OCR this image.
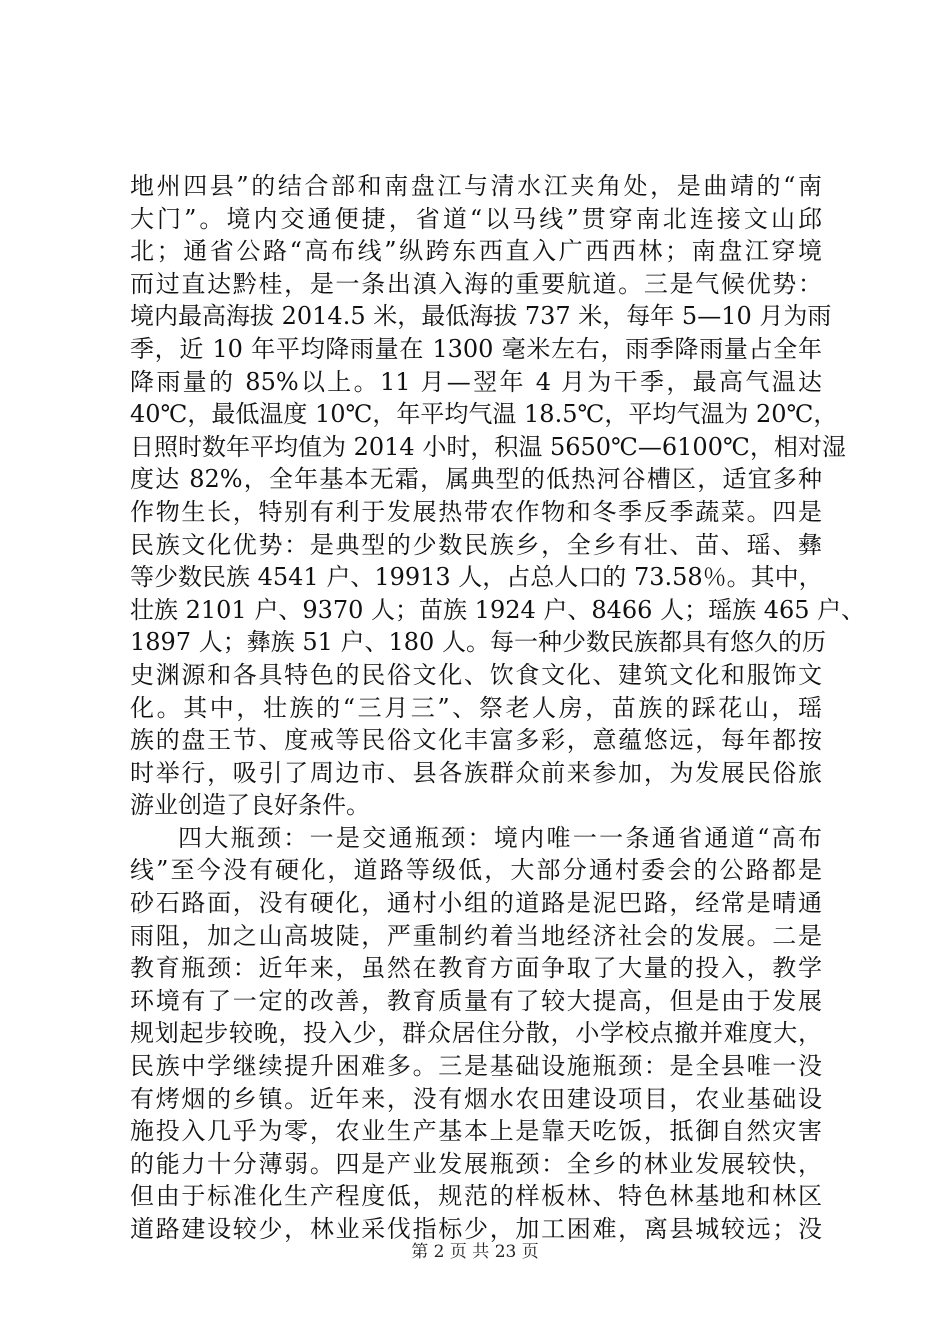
地州四县”的结合部和南盘江与清水江夹角处，是曲靖的“南
大门”。境内交通便捷，省道“以马线”贯穿南北连接文山邱
北；通省公路“高布线”纵跨东西直入广西西林；南盘江穿境
而过直达黔桂，是一条出滇入海的重要航道。三是气候优势：
境内最高海拔 2014.5 米，最低海拔 737 米，每年 5—10 月为雨
季，近 10 年平均降雨量在 1300 毫米左右，雨季降雨量占全年
降雨量的 85%以上。11 月—翌年 4 月为干季，最高气温达
40℃，最低温度 10℃，年平均气温 18.5℃，平均气温为 20℃，
日照时数年平均值为 2014 小时，积温 5650℃—6100℃，相对湿
度达 82%，全年基本无霜，属典型的低热河谷槽区，适宜多种
作物生长，特别有利于发展热带农作物和冬季反季蔬菜。四是
民族文化优势：是典型的少数民族乡，全乡有壮、苗、瑶、彝
等少数民族 4541 户、19913 人，占总人口的 73.58％。其中，
壮族 2101 户、9370 人；苗族 1924 户、8466 人；瑶族 465 户、
1897 人；彝族 51 户、180 人。每一种少数民族都具有悠久的历
史渊源和各具特色的民俗文化、饮食文化、建筑文化和服饰文
化。其中，壮族的“三月三”、祭老人房，苗族的踩花山，瑶
族的盘王节、度戒等民俗文化丰富多彩，意蕴悠远，每年都按
时举行，吸引了周边市、县各族群众前来参加，为发展民俗旅
游业创造了良好条件。
四大瓶颈：一是交通瓶颈：境内唯一一条通省通道“高布
线”至今没有硬化，道路等级低，大部分通村委会的公路都是
砂石路面，没有硬化，通村小组的道路是泥巴路，经常是晴通
雨阻，加之山高坡陡，严重制约着当地经济社会的发展。二是
教育瓶颈：近年来，虽然在教育方面争取了大量的投入，教学
环境有了一定的改善，教育质量有了较大提高，但是由于发展
规划起步较晚，投入少，群众居住分散，小学校点撤并难度大，
民族中学继续提升困难多。三是基础设施瓶颈：是全县唯一没
有烤烟的乡镇。近年来，没有烟水农田建设项目，农业基础设
施投入几乎为零，农业生产基本上是靠天吃饭，抵御自然灾害
的能力十分薄弱。四是产业发展瓶颈：全乡的林业发展较快，
但由于标准化生产程度低，规范的样板林、特色林基地和林区
道路建设较少，林业采伐指标少，加工困难，离县城较远；没
第 2 页 共 23 页
